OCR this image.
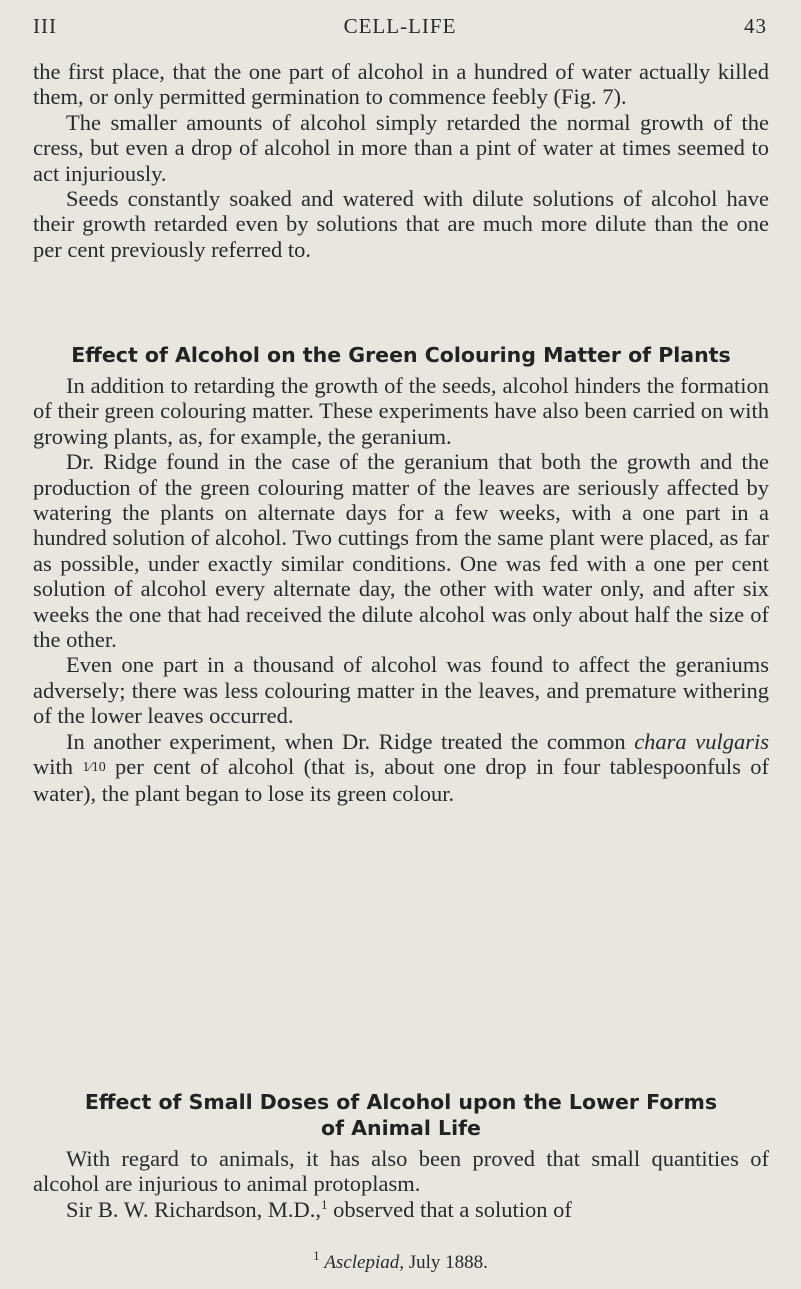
III	CELL-LIFE	43

the first place, that the one part of alcohol in a hundred of water actually killed them, or only permitted germination to commence feebly (Fig. 7).

The smaller amounts of alcohol simply retarded the normal growth of the cress, but even a drop of alcohol in more than a pint of water at times seemed to act injuriously.

Seeds constantly soaked and watered with dilute solutions of alcohol have their growth retarded even by solutions that are much more dilute than the one per cent previously referred to.

Effect of Alcohol on the Green Colouring Matter of Plants

In addition to retarding the growth of the seeds, alcohol hinders the formation of their green colouring matter. These experiments have also been carried on with growing plants, as, for example, the geranium.

Dr. Ridge found in the case of the geranium that both the growth and the production of the green colouring matter of the leaves are seriously affected by watering the plants on alternate days for a few weeks, with a one part in a hundred solution of alcohol. Two cuttings from the same plant were placed, as far as possible, under exactly similar conditions. One was fed with a one per cent solution of alcohol every alternate day, the other with water only, and after six weeks the one that had received the dilute alcohol was only about half the size of the other.

Even one part in a thousand of alcohol was found to affect the geraniums adversely; there was less colouring matter in the leaves, and premature withering of the lower leaves occurred.

In another experiment, when Dr. Ridge treated the common chara vulgaris with 1⁄10 per cent of alcohol (that is, about one drop in four tablespoonfuls of water), the plant began to lose its green colour.

Effect of Small Doses of Alcohol upon the Lower Forms
of Animal Life

With regard to animals, it has also been proved that small quantities of alcohol are injurious to animal protoplasm.

Sir B. W. Richardson, M.D.,$^1$ observed that a solution of

$^1$ Asclepiad, July 1888.
